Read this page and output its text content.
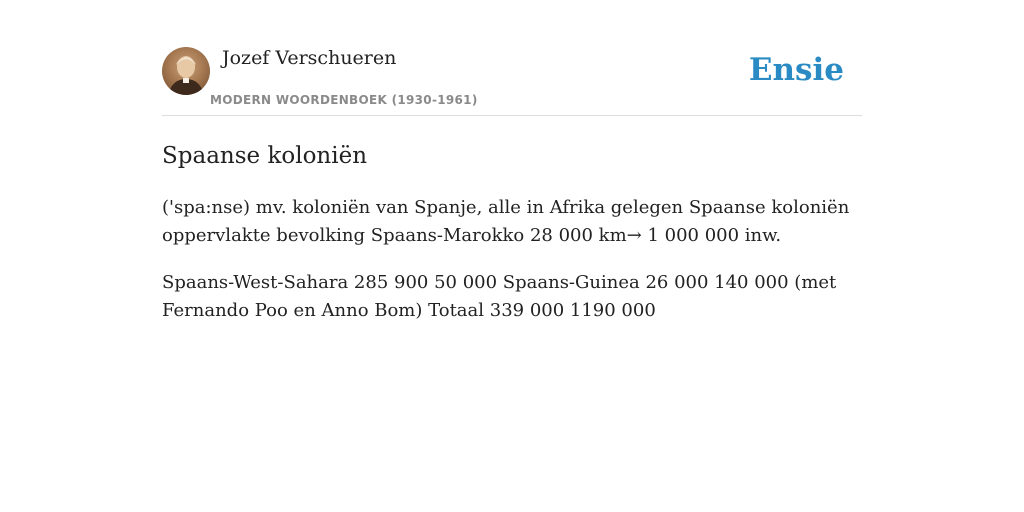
Jozef Verschueren
MODERN WOORDENBOEK (1930-1961)
Ensie
Spaanse koloniën

('spa:nse) mv. koloniën van Spanje, alle in Afrika gelegen Spaanse koloniën oppervlakte bevolking Spaans-Marokko 28 000 km→ 1 000 000 inw.

Spaans-West-Sahara 285 900 50 000 Spaans-Guinea 26 000 140 000 (met Fernando Poo en Anno Bom) Totaal 339 000 1190 000
